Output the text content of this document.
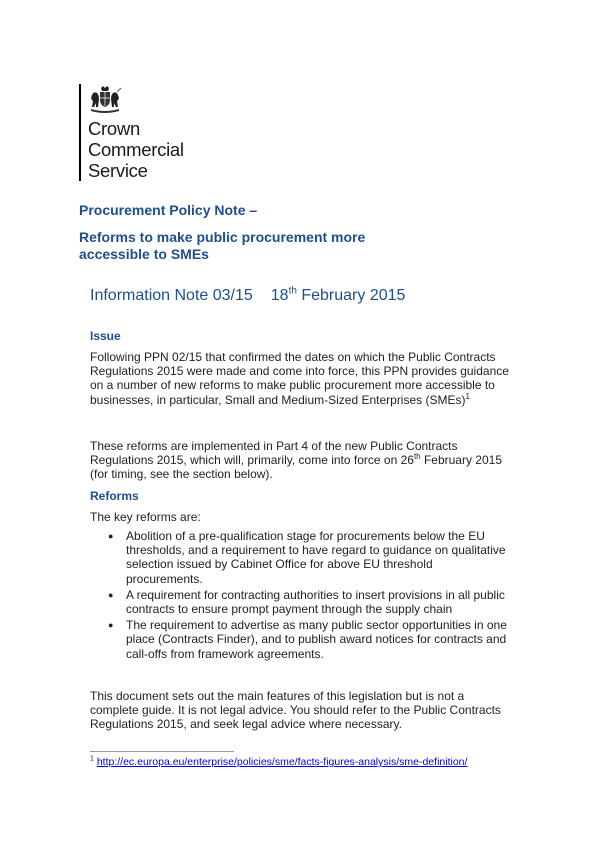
Crown
Commercial
Service
Procurement Policy Note –
Reforms to make public procurement more accessible to SMEs
Information Note 03/15 18th February 2015
Issue
Following PPN 02/15 that confirmed the dates on which the Public Contracts Regulations 2015 were made and come into force, this PPN provides guidance on a number of new reforms to make public procurement more accessible to businesses, in particular, Small and Medium-Sized Enterprises (SMEs)$^1$
These reforms are implemented in Part 4 of the new Public Contracts Regulations 2015, which will, primarily, come into force on 26th February 2015 (for timing, see the section below).
Reforms
The key reforms are:
● Abolition of a pre-qualification stage for procurements below the EU thresholds, and a requirement to have regard to guidance on qualitative selection issued by Cabinet Office for above EU threshold procurements.
● A requirement for contracting authorities to insert provisions in all public contracts to ensure prompt payment through the supply chain
● The requirement to advertise as many public sector opportunities in one place (Contracts Finder), and to publish award notices for contracts and call-offs from framework agreements.
This document sets out the main features of this legislation but is not a complete guide. It is not legal advice. You should refer to the Public Contracts Regulations 2015, and seek legal advice where necessary.
$^1$ http://ec.europa.eu/enterprise/policies/sme/facts-figures-analysis/sme-definition/
